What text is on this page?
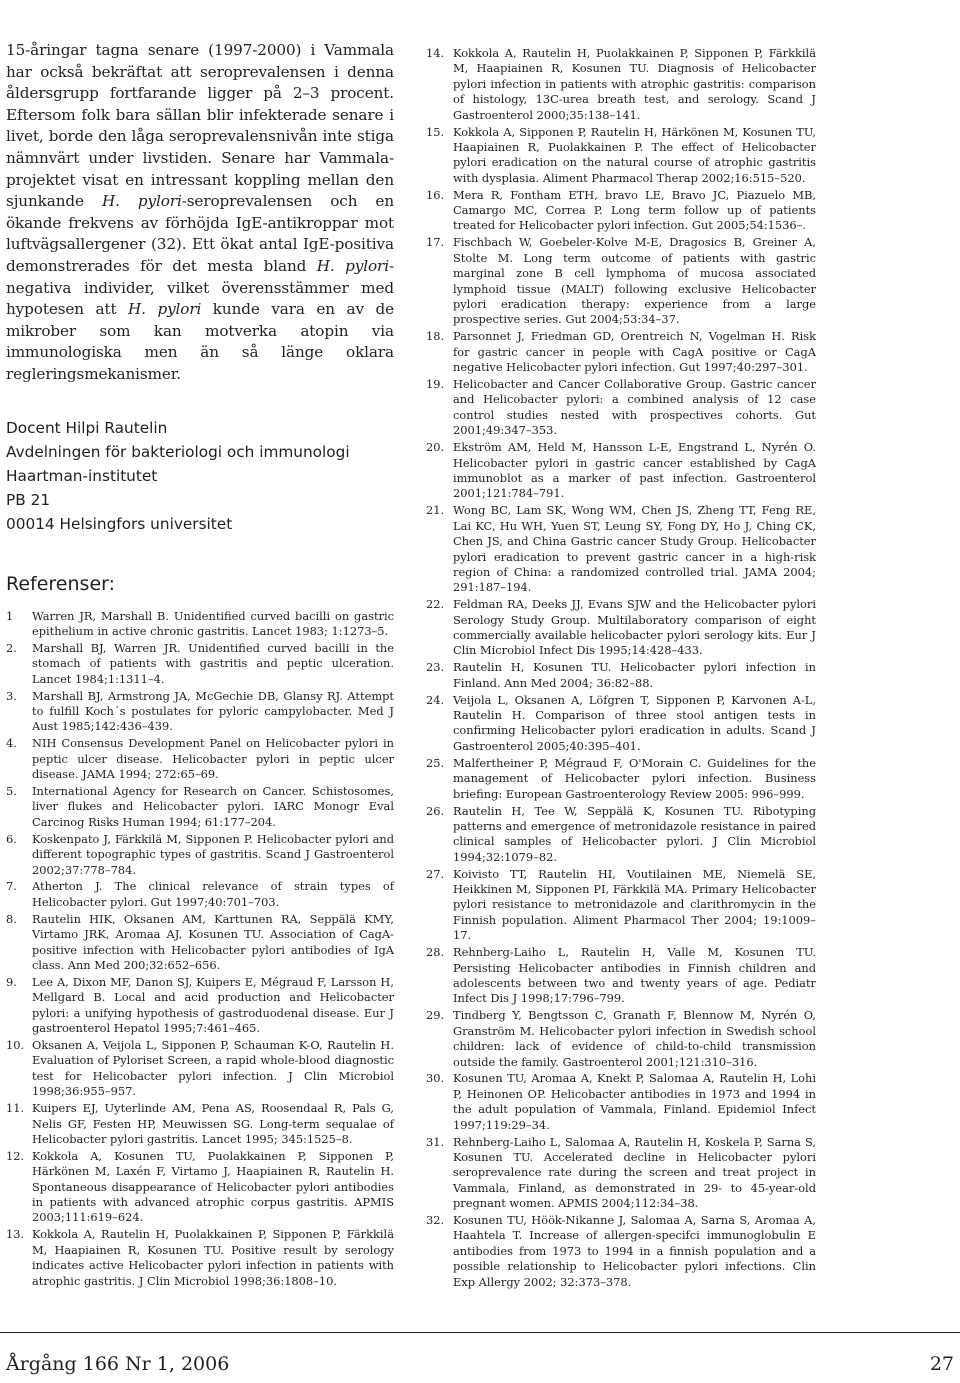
15-åringar tagna senare (1997-2000) i Vammala har också bekräftat att seroprevalensen i denna åldersgrupp fortfarande ligger på 2–3 procent. Eftersom folk bara sällan blir infekterade senare i livet, borde den låga seroprevalensnivån inte stiga nämnvärt under livstiden. Senare har Vammala-projektet visat en intressant koppling mellan den sjunkande H. pylori-seroprevalensen och en ökande frekvens av förhöjda IgE-antikroppar mot luftvägsallergener (32). Ett ökat antal IgE-positiva demonstrerades för det mesta bland H. pylori-negativa individer, vilket överensstämmer med hypotesen att H. pylori kunde vara en av de mikrober som kan motverka atopin via immunologiska men än så länge oklara regleringsmekanismer.

Docent Hilpi Rautelin
Avdelningen för bakteriologi och immunologi
Haartman-institutet
PB 21
00014 Helsingfors universitet
Referenser:
1	Warren JR, Marshall B. Unidentified curved bacilli on gastric epithelium in active chronic gastritis. Lancet 1983; 1:1273–5.
2.	Marshall BJ, Warren JR. Unidentified curved bacilli in the stomach of patients with gastritis and peptic ulceration. Lancet 1984;1:1311–4.
3.	Marshall BJ, Armstrong JA, McGechie DB, Glansy RJ. Attempt to fulfill Koch´s postulates for pyloric campylobacter. Med J Aust 1985;142:436–439.
4.	NIH Consensus Development Panel on Helicobacter pylori in peptic ulcer disease. Helicobacter pylori in peptic ulcer disease. JAMA 1994; 272:65–69.
5.	International Agency for Research on Cancer. Schistosomes, liver flukes and Helicobacter pylori. IARC Monogr Eval Carcinog Risks Human 1994; 61:177–204.
6.	Koskenpato J, Färkkilä M, Sipponen P. Helicobacter pylori and different topographic types of gastritis. Scand J Gastroenterol 2002;37:778–784.
7.	Atherton J. The clinical relevance of strain types of Helicobacter pylori. Gut 1997;40:701–703.
8.	Rautelin HIK, Oksanen AM, Karttunen RA, Seppälä KMY, Virtamo JRK, Aromaa AJ, Kosunen TU. Association of CagA-positive infection with Helicobacter pylori antibodies of IgA class. Ann Med 200;32:652–656.
9.	Lee A, Dixon MF, Danon SJ, Kuipers E, Mégraud F, Larsson H, Mellgard B. Local and acid production and Helicobacter pylori: a unifying hypothesis of gastroduodenal disease. Eur J gastroenterol Hepatol 1995;7:461–465.
10. Oksanen A, Veijola L, Sipponen P, Schauman K-O, Rautelin H. Evaluation of Pyloriset Screen, a rapid whole-blood diagnostic test for Helicobacter pylori infection. J Clin Microbiol 1998;36:955–957.
11. Kuipers EJ, Uyterlinde AM, Pena AS, Roosendaal R, Pals G, Nelis GF, Festen HP, Meuwissen SG. Long-term sequalae of Helicobacter pylori gastritis. Lancet 1995; 345:1525–8.
12. Kokkola A, Kosunen TU, Puolakkainen P, Sipponen P, Härkönen M, Laxén F, Virtamo J, Haapiainen R, Rautelin H. Spontaneous disappearance of Helicobacter pylori antibodies in patients with advanced atrophic corpus gastritis. APMIS 2003;111:619–624.
13. Kokkola A, Rautelin H, Puolakkainen P, Sipponen P, Färkkilä M, Haapiainen R, Kosunen TU. Positive result by serology indicates active Helicobacter pylori infection in patients with atrophic gastritis. J Clin Microbiol 1998;36:1808–10.
14. Kokkola A, Rautelin H, Puolakkainen P, Sipponen P, Färkkilä M, Haapiainen R, Kosunen TU. Diagnosis of Helicobacter pylori infection in patients with atrophic gastritis: comparison of histology, 13C-urea breath test, and serology. Scand J Gastroenterol 2000;35:138–141.
15. Kokkola A, Sipponen P, Rautelin H, Härkönen M, Kosunen TU, Haapiainen R, Puolakkainen P. The effect of Helicobacter pylori eradication on the natural course of atrophic gastritis with dysplasia. Aliment Pharmacol Therap 2002;16:515–520.
16. Mera R, Fontham ETH, bravo LE, Bravo JC, Piazuelo MB, Camargo MC, Correa P. Long term follow up of patients treated for Helicobacter pylori infection. Gut 2005;54:1536–.
17. Fischbach W, Goebeler-Kolve M-E, Dragosics B, Greiner A, Stolte M. Long term outcome of patients with gastric marginal zone B cell lymphoma of mucosa associated lymphoid tissue (MALT) following exclusive Helicobacter pylori eradication therapy: experience from a large prospective series. Gut 2004;53:34–37.
18. Parsonnet J, Friedman GD, Orentreich N, Vogelman H. Risk for gastric cancer in people with CagA positive or CagA negative Helicobacter pylori infection. Gut 1997;40:297–301.
19. Helicobacter and Cancer Collaborative Group. Gastric cancer and Helicobacter pylori: a combined analysis of 12 case control studies nested with prospectives cohorts. Gut 2001;49:347–353.
20. Ekström AM, Held M, Hansson L-E, Engstrand L, Nyrén O. Helicobacter pylori in gastric cancer established by CagA immunoblot as a marker of past infection. Gastroenterol 2001;121:784–791.
21. Wong BC, Lam SK, Wong WM, Chen JS, Zheng TT, Feng RE, Lai KC, Hu WH, Yuen ST, Leung SY, Fong DY, Ho J, Ching CK, Chen JS, and China Gastric cancer Study Group. Helicobacter pylori eradication to prevent gastric cancer in a high-risk region of China: a randomized controlled trial. JAMA 2004; 291:187–194.
22. Feldman RA, Deeks JJ, Evans SJW and the Helicobacter pylori Serology Study Group. Multilaboratory comparison of eight commercially available helicobacter pylori serology kits. Eur J Clin Microbiol Infect Dis 1995;14:428–433.
23. Rautelin H, Kosunen TU. Helicobacter pylori infection in Finland. Ann Med 2004; 36:82–88.
24. Veijola L, Oksanen A, Löfgren T, Sipponen P, Karvonen A-L, Rautelin H. Comparison of three stool antigen tests in confirming Helicobacter pylori eradication in adults. Scand J Gastroenterol 2005;40:395–401.
25. Malfertheiner P, Mégraud F, O'Morain C. Guidelines for the management of Helicobacter pylori infection. Business briefing: European Gastroenterology Review 2005: 996–999.
26. Rautelin H, Tee W, Seppälä K, Kosunen TU. Ribotyping patterns and emergence of metronidazole resistance in paired clinical samples of Helicobacter pylori. J Clin Microbiol 1994;32:1079–82.
27. Koivisto TT, Rautelin HI, Voutilainen ME, Niemelä SE, Heikkinen M, Sipponen PI, Färkkilä MA. Primary Helicobacter pylori resistance to metronidazole and clarithromycin in the Finnish population. Aliment Pharmacol Ther 2004; 19:1009–17.
28. Rehnberg-Laiho L, Rautelin H, Valle M, Kosunen TU. Persisting Helicobacter antibodies in Finnish children and adolescents between two and twenty years of age. Pediatr Infect Dis J 1998;17:796–799.
29. Tindberg Y, Bengtsson C, Granath F, Blennow M, Nyrén O, Granström M. Helicobacter pylori infection in Swedish school children: lack of evidence of child-to-child transmission outside the family. Gastroenterol 2001;121:310–316.
30. Kosunen TU, Aromaa A, Knekt P, Salomaa A, Rautelin H, Lohi P, Heinonen OP. Helicobacter antibodies in 1973 and 1994 in the adult population of Vammala, Finland. Epidemiol Infect 1997;119:29–34.
31. Rehnberg-Laiho L, Salomaa A, Rautelin H, Koskela P, Sarna S, Kosunen TU. Accelerated decline in Helicobacter pylori seroprevalence rate during the screen and treat project in Vammala, Finland, as demonstrated in 29- to 45-year-old pregnant women. APMIS 2004;112:34–38.
32. Kosunen TU, Höök-Nikanne J, Salomaa A, Sarna S, Aromaa A, Haahtela T. Increase of allergen-specifci immunoglobulin E antibodies from 1973 to 1994 in a finnish population and a possible relationship to Helicobacter pylori infections. Clin Exp Allergy 2002; 32:373–378.
Årgång 166 Nr 1, 2006	27
